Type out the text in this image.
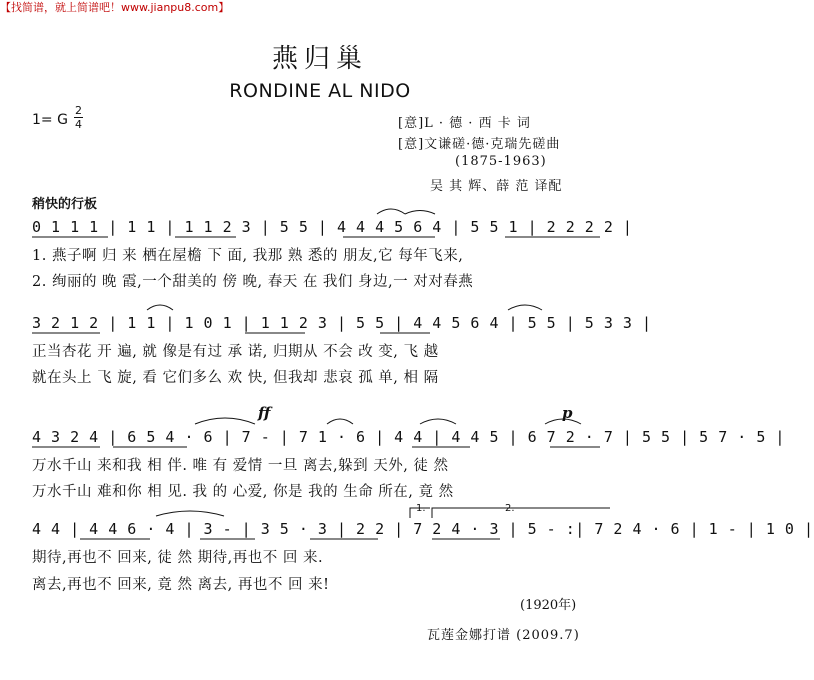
【找简谱，就上简谱吧！www.jianpu8.com】
燕归巢
RONDINE AL NIDO
1= G
2
4	[意]L · 德 · 西 卡 词
[意]文谦磋·德·克瑞先磋曲
(1875-1963)
吴 其 辉、薛 范 译配
稍快的行板
0 1 1 1 | 1 1 | 1 1 2 3 | 5 5 | 4 4 4 5 6 4 | 5 5 1 | 2 2 2 2 |
1. 燕子啊 归 来 栖在屋檐 下 面, 我那 熟 悉的 朋友,它 每年飞来,
2. 绚丽的 晚 霞,一个甜美的 傍 晚, 春天 在 我们 身边,一 对对春燕
3 2 1 2 | 1 1 | 1 0 1 | 1 1 2 3 | 5 5 | 4 4 5 6 4 | 5 5 | 5 3 3 |
正当杏花 开 遍, 就 像是有过 承 诺, 归期从 不会 改 变, 飞 越
就在头上 飞 旋, 看 它们多么 欢 快, 但我却 悲哀 孤 单, 相 隔
ff	p
4 3 2 4 | 6 5 4 · 6 | 7 - | 7 1 · 6 | 4 4 | 4 4 5 | 6 7 2 · 7 | 5 5 | 5 7 · 5 |
万水千山 来和我 相 伴. 唯 有 爱情 一旦 离去,躲到 天外, 徒 然
万水千山 难和你 相 见. 我 的 心爱, 你是 我的 生命 所在, 竟 然
1.	2.
4 4 | 4 4 6 · 4 | 3 - | 3 5 · 3 | 2 2 | 7 2 4 · 3 | 5 - :| 7 2 4 · 6 | 1 - | 1 0 |
期待,再也不 回来, 徒 然 期待,再也不 回 来.
离去,再也不 回来, 竟 然 离去, 再也不 回 来!
(1920年)
瓦莲金娜打谱 (2009.7)
